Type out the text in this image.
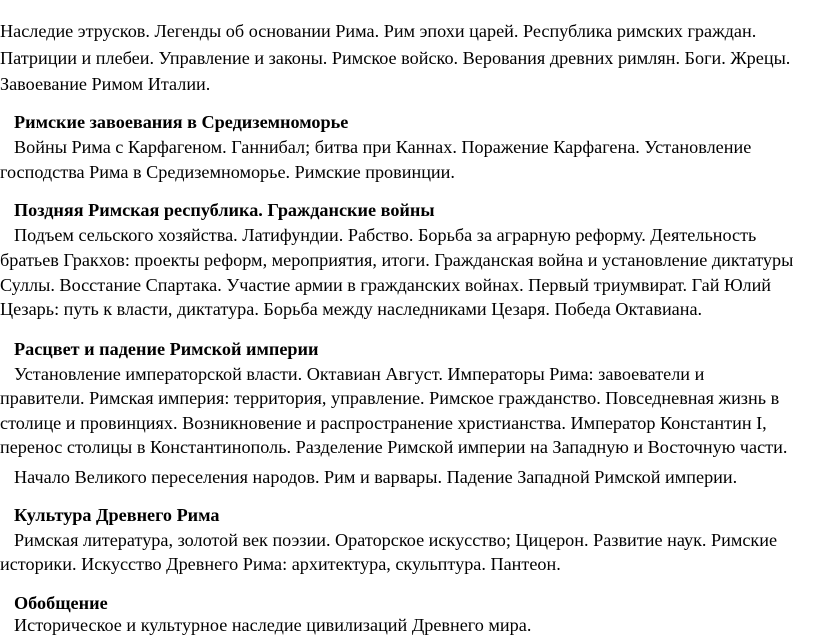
Наследие этрусков. Легенды об основании Рима. Рим эпохи царей. Республика римских граждан.
Патриции и плебеи. Управление и законы. Римское войско. Верования древних римлян. Боги. Жрецы.
Завоевание Римом Италии.
Римские завоевания в Средиземноморье
Войны Рима с Карфагеном. Ганнибал; битва при Каннах. Поражение Карфагена. Установление
господства Рима в Средиземноморье. Римские провинции.
Поздняя Римская республика. Гражданские войны
Подъем сельского хозяйства. Латифундии. Рабство. Борьба за аграрную реформу. Деятельность
братьев Гракхов: проекты реформ, мероприятия, итоги. Гражданская война и установление диктатуры
Суллы. Восстание Спартака. Участие армии в гражданских войнах. Первый триумвират. Гай Юлий
Цезарь: путь к власти, диктатура. Борьба между наследниками Цезаря. Победа Октавиана.
Расцвет и падение Римской империи
Установление императорской власти. Октавиан Август. Императоры Рима: завоеватели и
правители. Римская империя: территория, управление. Римское гражданство. Повседневная жизнь в
столице и провинциях. Возникновение и распространение христианства. Император Константин I,
перенос столицы в Константинополь. Разделение Римской империи на Западную и Восточную части.
Начало Великого переселения народов. Рим и варвары. Падение Западной Римской империи.
Культура Древнего Рима
Римская литература, золотой век поэзии. Ораторское искусство; Цицерон. Развитие наук. Римские
историки. Искусство Древнего Рима: архитектура, скульптура. Пантеон.
Обобщение
Историческое и культурное наследие цивилизаций Древнего мира.
